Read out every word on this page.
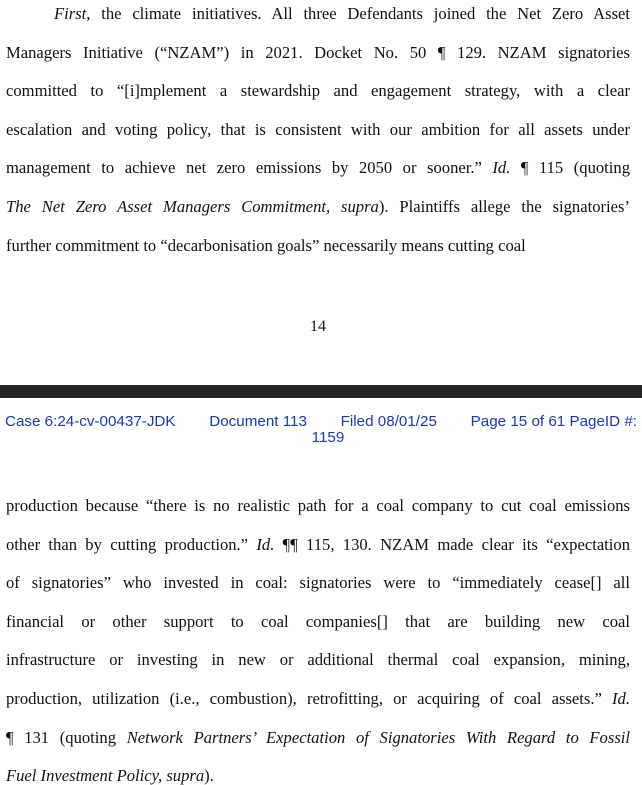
First, the climate initiatives. All three Defendants joined the Net Zero Asset
Managers Initiative (“NZAM”) in 2021. Docket No. 50 ¶ 129. NZAM signatories
committed to “[i]mplement a stewardship and engagement strategy, with a clear
escalation and voting policy, that is consistent with our ambition for all assets under
management to achieve net zero emissions by 2050 or sooner.” Id. ¶ 115 (quoting
The Net Zero Asset Managers Commitment, supra). Plaintiffs allege the signatories’
further commitment to “decarbonisation goals” necessarily means cutting coal
14
Case 6:24-cv-00437-JDK Document 113 Filed 08/01/25 Page 15 of 61 PageID #:
1159
production because “there is no realistic path for a coal company to cut coal emissions
other than by cutting production.” Id. ¶¶ 115, 130. NZAM made clear its “expectation
of signatories” who invested in coal: signatories were to “immediately cease[] all
financial or other support to coal companies[] that are building new coal
infrastructure or investing in new or additional thermal coal expansion, mining,
production, utilization (i.e., combustion), retrofitting, or acquiring of coal assets.” Id.
¶ 131 (quoting Network Partners’ Expectation of Signatories With Regard to Fossil
Fuel Investment Policy, supra).
